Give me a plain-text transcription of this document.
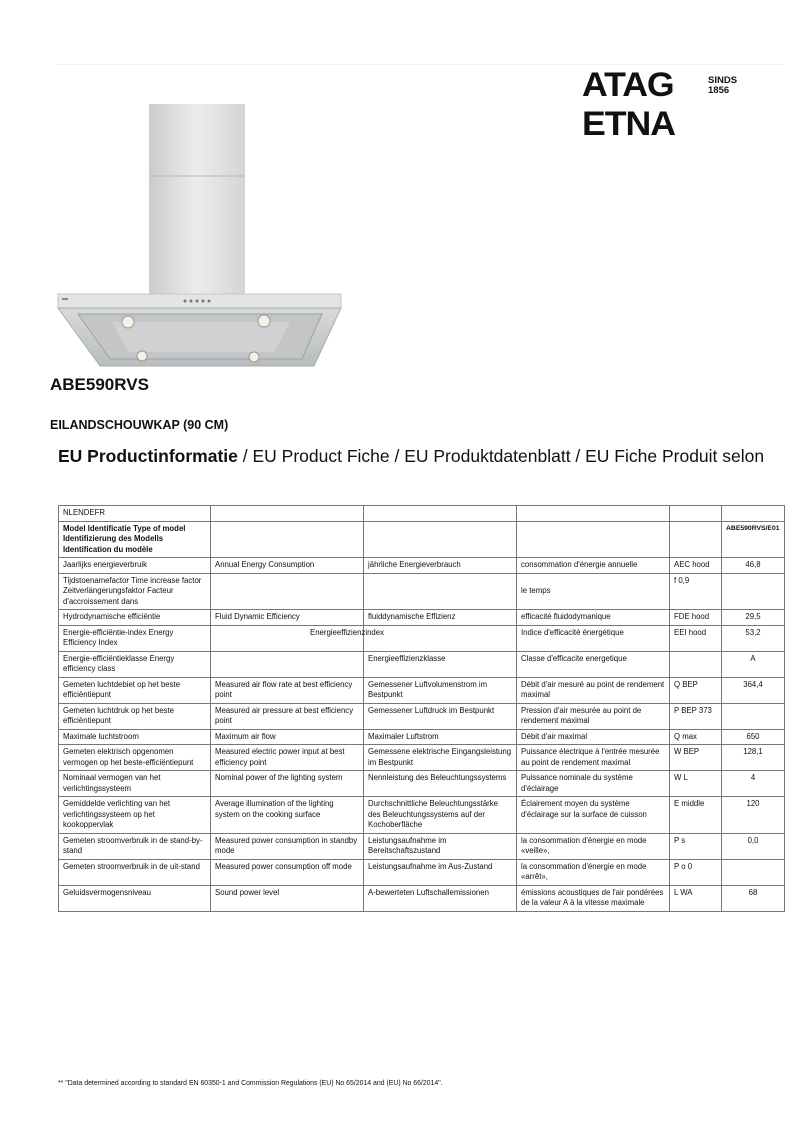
ATAG ETNA
SINDS
1856
ABE590RVS
EILANDSCHOUWKAP (90 CM)
EU Productinformatie / EU Product Fiche / EU Produktdatenblatt / EU Fiche Produit selon
NLENDEFR					
Model Identificatie Type of model Identifizierung des Modells Identification du modèle					ABE590RVS/E01
Jaarlijks energieverbruik	Annual Energy Consumption	jährliche Energieverbrauch	consommation d'énergie annuelle	AEC hood	46,8
Tijdstoenamefactor Time increase factor Zeitverlängerungsfaktor Facteur d'accroissement dans			le temps	f 0,9	
Hydrodynamische efficiëntie	Fluid Dynamic Efficiency	fluiddynamische Effizienz	efficacité fluidodymanique	FDE hood	29,5
Energie-efficiëntie-index Energy Efficiency Index		Energieeffizienzindex	Indice d'efficacité énergétique	EEI hood	53,2
Energie-efficiëntieklasse Energy efficiency class		Energieeffizienzklasse	Classe d'efficacite energetique		A
Gemeten luchtdebiet op het beste efficiëntiepunt	Measured air flow rate at best efficiency point	Gemessener Luftvolumenstrom im Bestpunkt	Débit d'air mesuré au point de rendement maximal	Q BEP	364,4
Gemeten luchtdruk op het beste efficiëntiepunt	Measured air pressure at best efficiency point	Gemessener Luftdruck im Bestpunkt	Pression d'air mesurée au point de rendement maximal	P BEP 373	
Maximale luchtstroom	Maximum air flow	Maximaler Luftstrom	Débit d'air maximal	Q max	650
Gemeten elektrisch opgenomen vermogen op het beste-efficiëntiepunt	Measured electric power input at best efficiency point	Gemessene elektrische Eingangsleistung im Bestpunkt	Puissance électrique à l'entrée mesurée au point de rendement maximal	W BEP	128,1
Nominaal vermogen van het verlichtingssysteem	Nominal power of the lighting system	Nennleistung des Beleuchtungssystems	Puissance nominale du système d'éclairage	W L	4
Gemiddelde verlichting van het verlichtingssysteem op het kookoppervlak	Average illumination of the lighting system on the cooking surface	Durchschnittliche Beleuchtungsstärke des Beleuchtungssystems auf der Kochoberfläche	Éclairement moyen du système d'éclairage sur la surface de cuisson	E middle	120
Gemeten stroomverbruik in de stand-by- stand	Measured power consumption in standby mode	Leistungsaufnahme im Bereitschaftszustand	la consommation d'énergie en mode «veille»,	P s	0,0
Gemeten stroomverbruik in de uit-stand	Measured power consumption off mode	Leistungsaufnahme im Aus-Zustand	la consommation d'énergie en mode «arrêt»,	P o 0	
Geluidsvermogensniveau	Sound power level	A-bewerteten Luftschallemissionen	émissions acoustiques de l'air pondérées de la valeur A à la vitesse maximale	L WA	68
** "Data determined according to standard EN 60350-1 and Commission Regulations (EU) No 65/2014 and (EU) No 66/2014".
